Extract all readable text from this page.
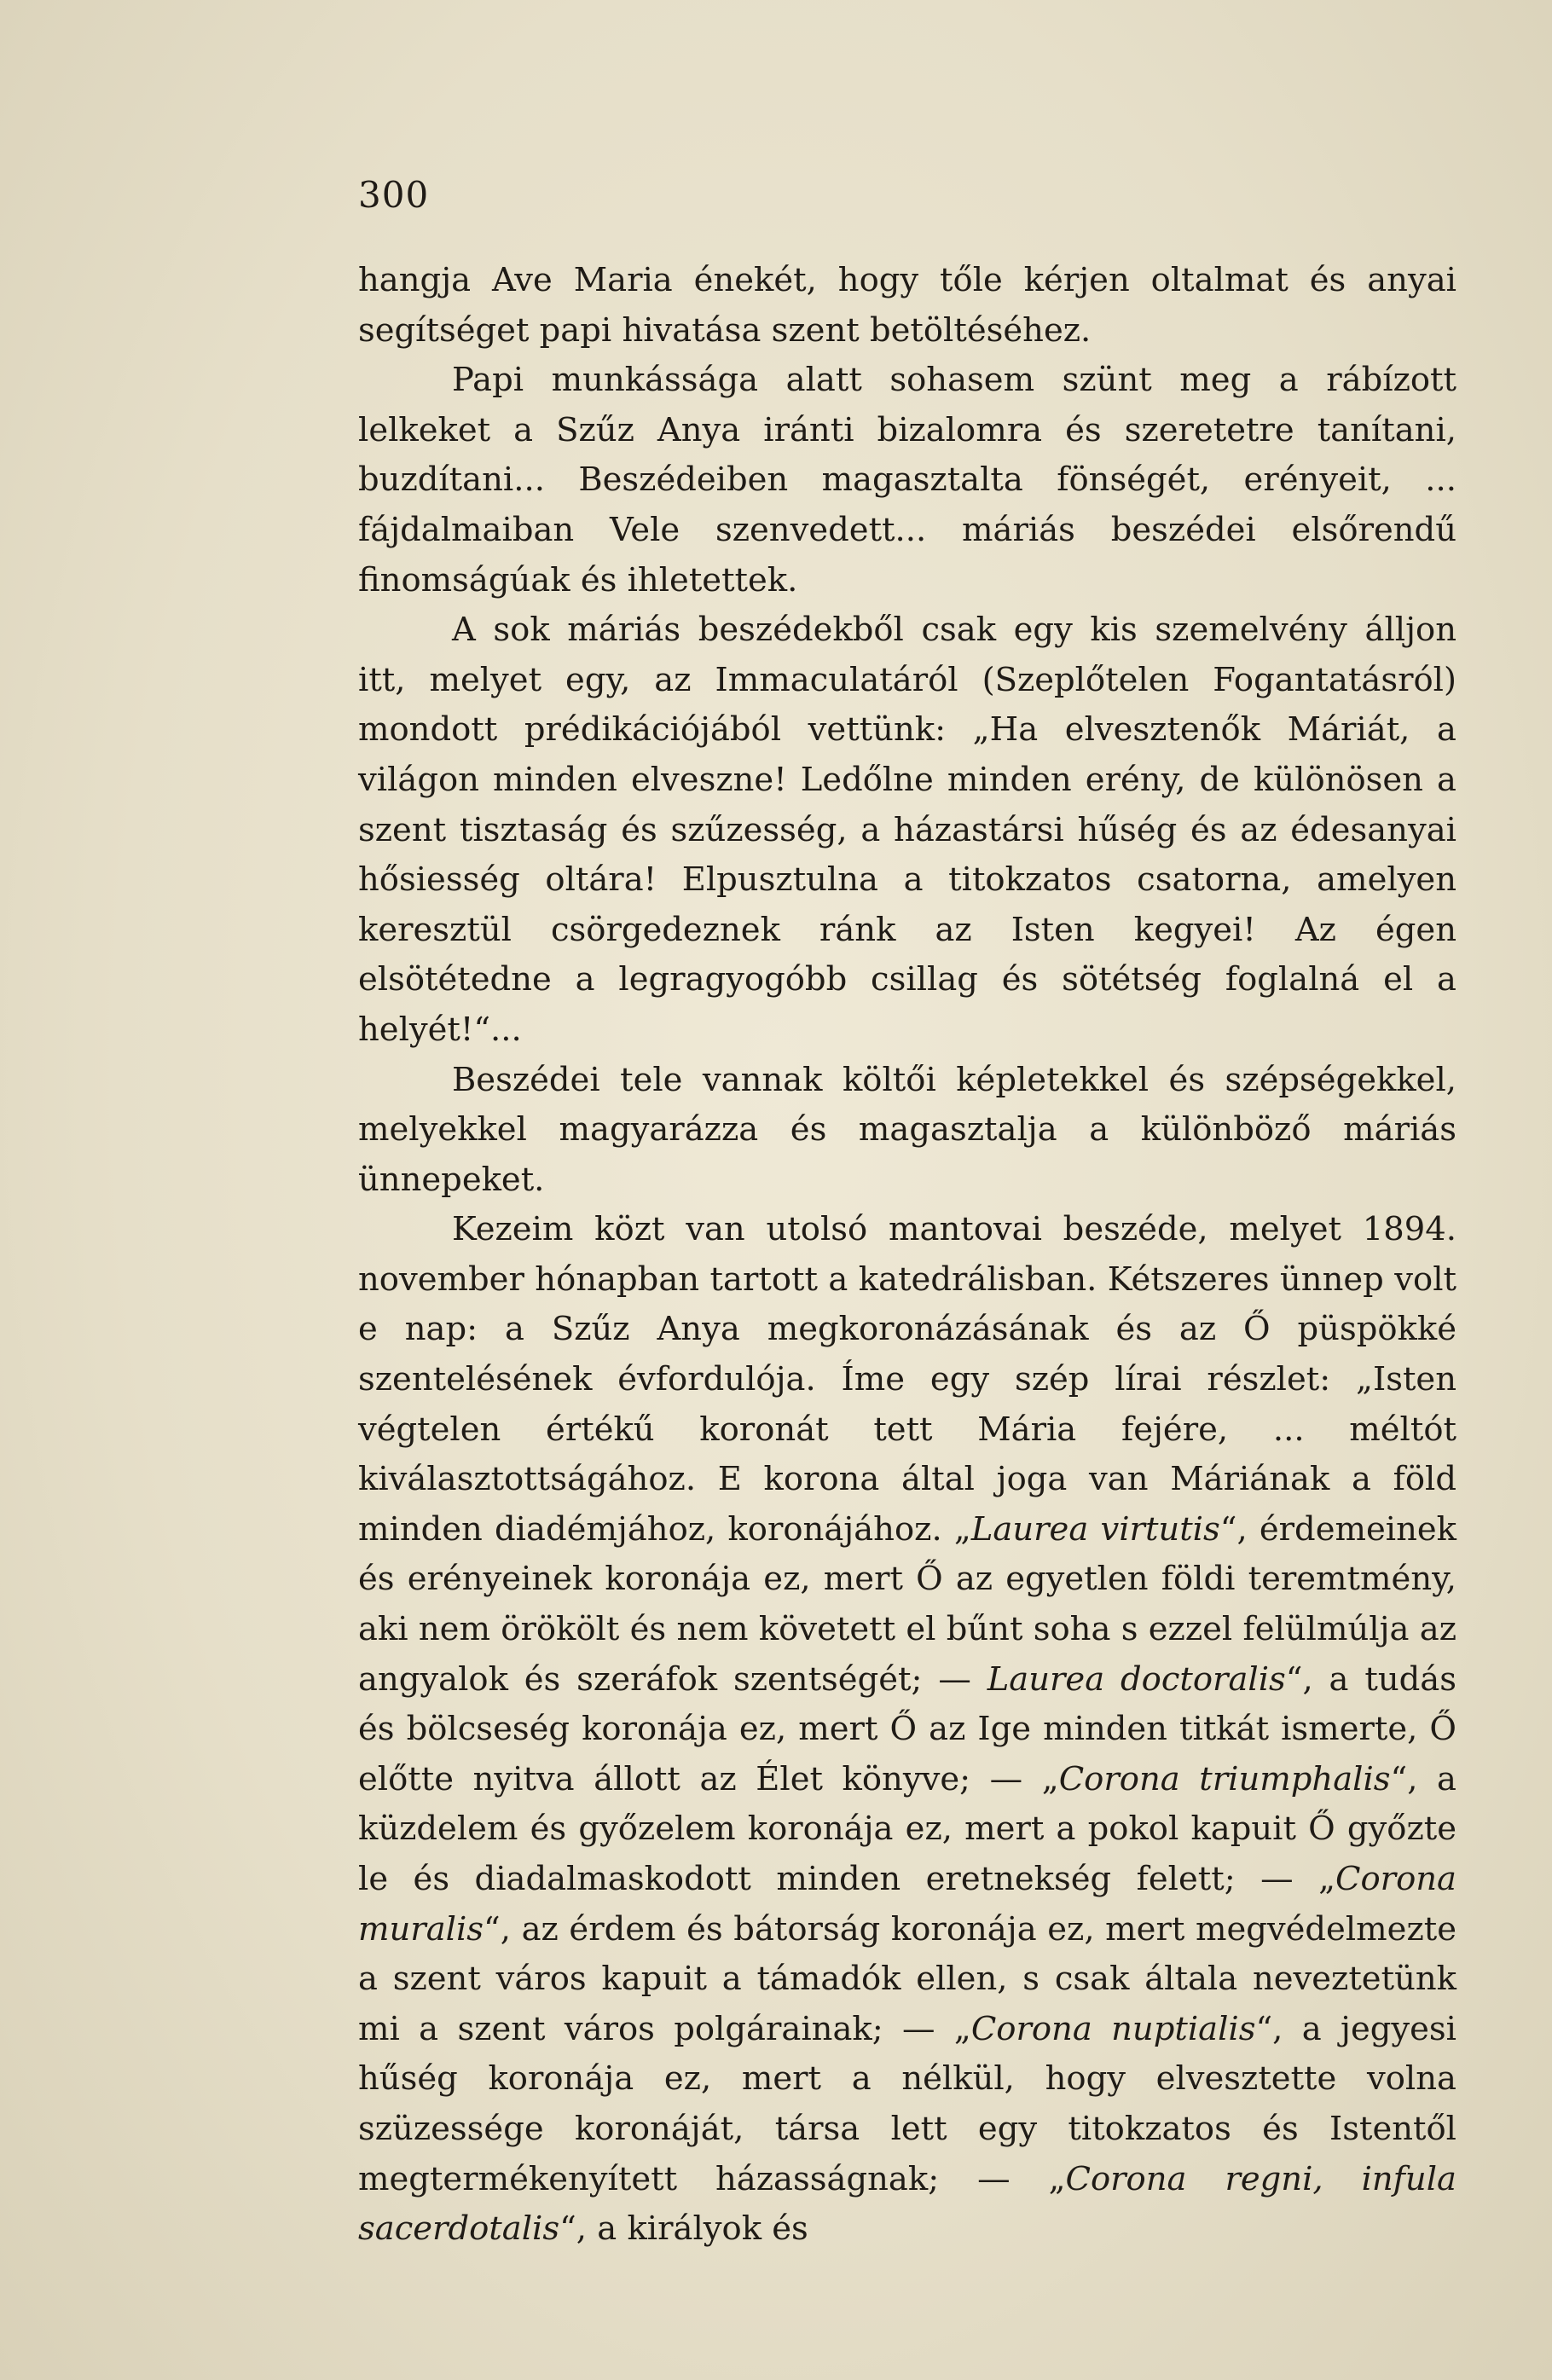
300

hangja Ave Maria énekét, hogy tőle kérjen oltalmat és anyai segítséget papi hivatása szent betöltéséhez.

Papi munkássága alatt sohasem szünt meg a rábízott lelkeket a Szűz Anya iránti bizalomra és szeretetre tanítani, buzdítani... Beszédeiben magasztalta fönségét, erényeit, ... fájdalmaiban Vele szenvedett... máriás beszédei elsőrendű finomságúak és ihletettek.

A sok máriás beszédekből csak egy kis szemelvény álljon itt, melyet egy, az Immaculatáról (Szeplőtelen Fogantatásról) mondott prédikációjából vettünk: „Ha elvesztenők Máriát, a világon minden elveszne! Ledőlne minden erény, de különösen a szent tisztaság és szűzesség, a házastársi hűség és az édesanyai hősiesség oltára! Elpusztulna a titokzatos csatorna, amelyen keresztül csörgedeznek ránk az Isten kegyei! Az égen elsötétedne a legragyogóbb csillag és sötétség foglalná el a helyét!“...

Beszédei tele vannak költői képletekkel és szépségekkel, melyekkel magyarázza és magasztalja a különböző máriás ünnepeket.

Kezeim közt van utolsó mantovai beszéde, melyet 1894. november hónapban tartott a katedrálisban. Kétszeres ünnep volt e nap: a Szűz Anya megkoronázásának és az Ő püspökké szentelésének évfordulója. Íme egy szép lírai részlet: „Isten végtelen értékű koronát tett Mária fejére, ... méltót kiválasztottságához. E korona által joga van Máriának a föld minden diadémjához, koronájához. „Laurea virtutis“, érdemeinek és erényeinek koronája ez, mert Ő az egyetlen földi teremtmény, aki nem örökölt és nem követett el bűnt soha s ezzel felülmúlja az angyalok és szeráfok szentségét; — Laurea doctoralis“, a tudás és bölcseség koronája ez, mert Ő az Ige minden titkát ismerte, Ő előtte nyitva állott az Élet könyve; — „Corona triumphalis“, a küzdelem és győzelem koronája ez, mert a pokol kapuit Ő győzte le és diadalmaskodott minden eretnekség felett; — „Corona muralis“, az érdem és bátorság koronája ez, mert megvédelmezte a szent város kapuit a támadók ellen, s csak általa neveztetünk mi a szent város polgárainak; — „Corona nuptialis“, a jegyesi hűség koronája ez, mert a nélkül, hogy elvesztette volna szüzessége koronáját, társa lett egy titokzatos és Istentől megtermékenyített házasságnak; — „Corona regni, infula sacerdotalis“, a királyok és
